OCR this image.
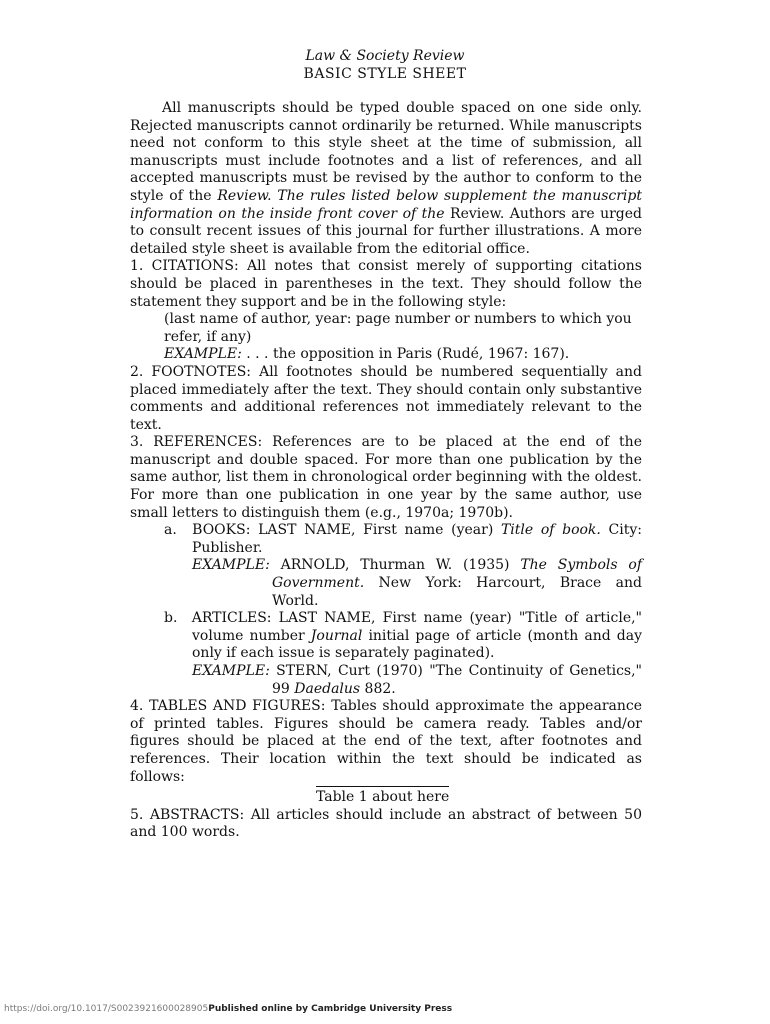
Law & Society Review
BASIC STYLE SHEET

All manuscripts should be typed double spaced on one side only. Rejected manuscripts cannot ordinarily be returned. While manuscripts need not conform to this style sheet at the time of submission, all manuscripts must include footnotes and a list of references, and all accepted manuscripts must be revised by the author to conform to the style of the Review. The rules listed below supplement the manuscript information on the inside front cover of the Review. Authors are urged to consult recent issues of this journal for further illustrations. A more detailed style sheet is available from the editorial office.

1. CITATIONS: All notes that consist merely of supporting citations should be placed in parentheses in the text. They should follow the statement they support and be in the following style:

(last name of author, year: page number or numbers to which you refer, if any)

EXAMPLE: . . . the opposition in Paris (Rudé, 1967: 167).

2. FOOTNOTES: All footnotes should be numbered sequentially and placed immediately after the text. They should contain only substantive comments and additional references not immediately relevant to the text.

3. REFERENCES: References are to be placed at the end of the manuscript and double spaced. For more than one publication by the same author, list them in chronological order beginning with the oldest. For more than one publication in one year by the same author, use small letters to distinguish them (e.g., 1970a; 1970b).

a. BOOKS: LAST NAME, First name (year) Title of book. City: Publisher.

EXAMPLE: ARNOLD, Thurman W. (1935) The Symbols of Government. New York: Harcourt, Brace and World.

b. ARTICLES: LAST NAME, First name (year) "Title of article," volume number Journal initial page of article (month and day only if each issue is separately paginated).

EXAMPLE: STERN, Curt (1970) "The Continuity of Genetics," 99 Daedalus 882.

4. TABLES AND FIGURES: Tables should approximate the appearance of printed tables. Figures should be camera ready. Tables and/or figures should be placed at the end of the text, after footnotes and references. Their location within the text should be indicated as follows:

Table 1 about here

5. ABSTRACTS: All articles should include an abstract of between 50 and 100 words.

https://doi.org/10.1017/S0023921600028905Published online by Cambridge University Press
